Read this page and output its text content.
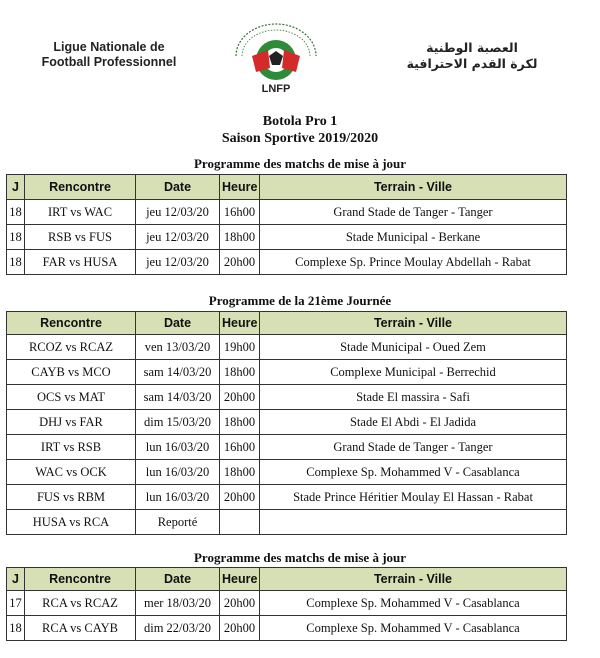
Ligue Nationale de
Football Professionnel
LNFP
العصبة الوطنية
لكرة القدم الاحترافية
Botola Pro 1
Saison Sportive 2019/2020
Programme des matchs de mise à jour
J	Rencontre	Date	Heure	Terrain - Ville
18	IRT vs WAC	jeu 12/03/20	16h00	Grand Stade de Tanger - Tanger
18	RSB vs FUS	jeu 12/03/20	18h00	Stade Municipal - Berkane
18	FAR vs HUSA	jeu 12/03/20	20h00	Complexe Sp. Prince Moulay Abdellah - Rabat
Programme de la 21ème Journée
Rencontre	Date	Heure	Terrain - Ville
RCOZ vs RCAZ	ven 13/03/20	19h00	Stade Municipal - Oued Zem
CAYB vs MCO	sam 14/03/20	18h00	Complexe Municipal - Berrechid
OCS vs MAT	sam 14/03/20	20h00	Stade El massira - Safi
DHJ vs FAR	dim 15/03/20	18h00	Stade El Abdi - El Jadida
IRT vs RSB	lun 16/03/20	16h00	Grand Stade de Tanger - Tanger
WAC vs OCK	lun 16/03/20	18h00	Complexe Sp. Mohammed V - Casablanca
FUS vs RBM	lun 16/03/20	20h00	Stade Prince Héritier Moulay El Hassan - Rabat
HUSA vs RCA	Reporté		
Programme des matchs de mise à jour
J	Rencontre	Date	Heure	Terrain - Ville
17	RCA vs RCAZ	mer 18/03/20	20h00	Complexe Sp. Mohammed V - Casablanca
18	RCA vs CAYB	dim 22/03/20	20h00	Complexe Sp. Mohammed V - Casablanca
